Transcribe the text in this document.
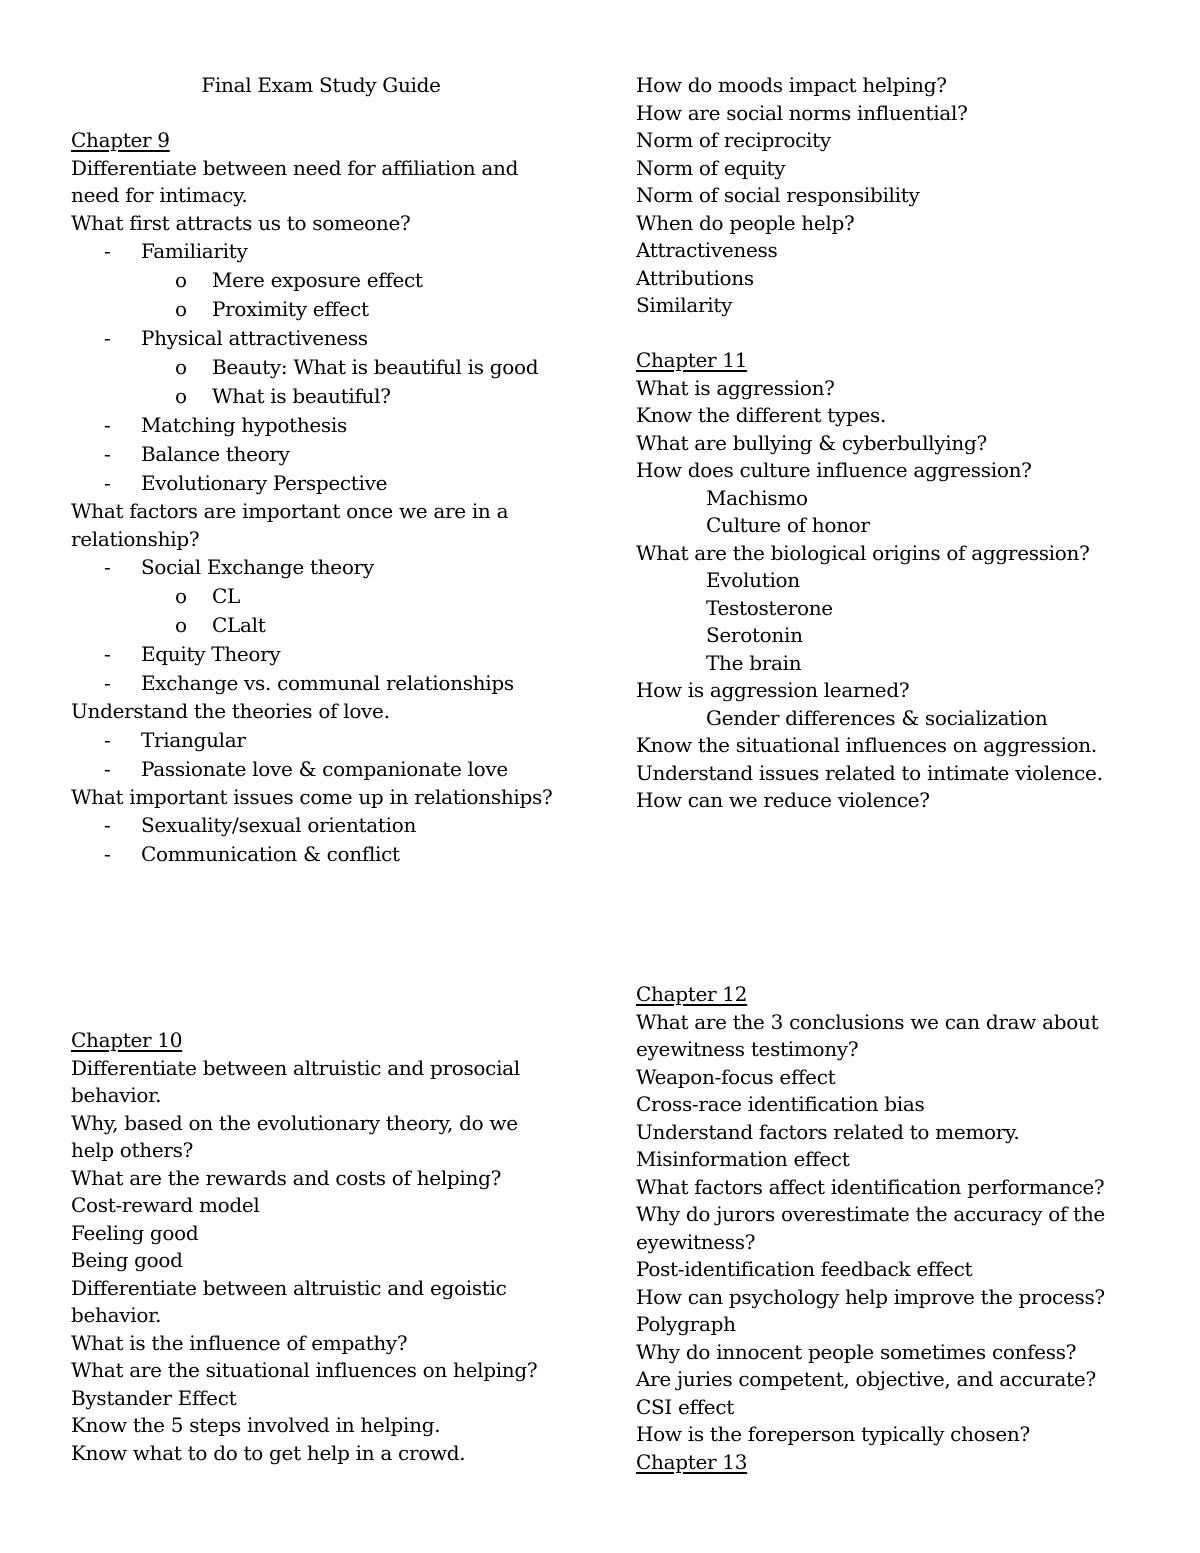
Final Exam Study Guide
Chapter 9
Differentiate between need for affiliation and
need for intimacy.
What first attracts us to someone?
- Familiarity
o Mere exposure effect
o Proximity effect
- Physical attractiveness
o Beauty: What is beautiful is good
o What is beautiful?
- Matching hypothesis
- Balance theory
- Evolutionary Perspective
What factors are important once we are in a
relationship?
- Social Exchange theory
o CL
o CLalt
- Equity Theory
- Exchange vs. communal relationships
Understand the theories of love.
- Triangular
- Passionate love & companionate love
What important issues come up in relationships?
- Sexuality/sexual orientation
- Communication & conflict
Chapter 10
Differentiate between altruistic and prosocial
behavior.
Why, based on the evolutionary theory, do we
help others?
What are the rewards and costs of helping?
Cost-reward model
Feeling good
Being good
Differentiate between altruistic and egoistic
behavior.
What is the influence of empathy?
What are the situational influences on helping?
Bystander Effect
Know the 5 steps involved in helping.
Know what to do to get help in a crowd.
How do moods impact helping?
How are social norms influential?
Norm of reciprocity
Norm of equity
Norm of social responsibility
When do people help?
Attractiveness
Attributions
Similarity
Chapter 11
What is aggression?
Know the different types.
What are bullying & cyberbullying?
How does culture influence aggression?
Machismo
Culture of honor
What are the biological origins of aggression?
Evolution
Testosterone
Serotonin
The brain
How is aggression learned?
Gender differences & socialization
Know the situational influences on aggression.
Understand issues related to intimate violence.
How can we reduce violence?
Chapter 12
What are the 3 conclusions we can draw about
eyewitness testimony?
Weapon-focus effect
Cross-race identification bias
Understand factors related to memory.
Misinformation effect
What factors affect identification performance?
Why do jurors overestimate the accuracy of the
eyewitness?
Post-identification feedback effect
How can psychology help improve the process?
Polygraph
Why do innocent people sometimes confess?
Are juries competent, objective, and accurate?
CSI effect
How is the foreperson typically chosen?
Chapter 13
